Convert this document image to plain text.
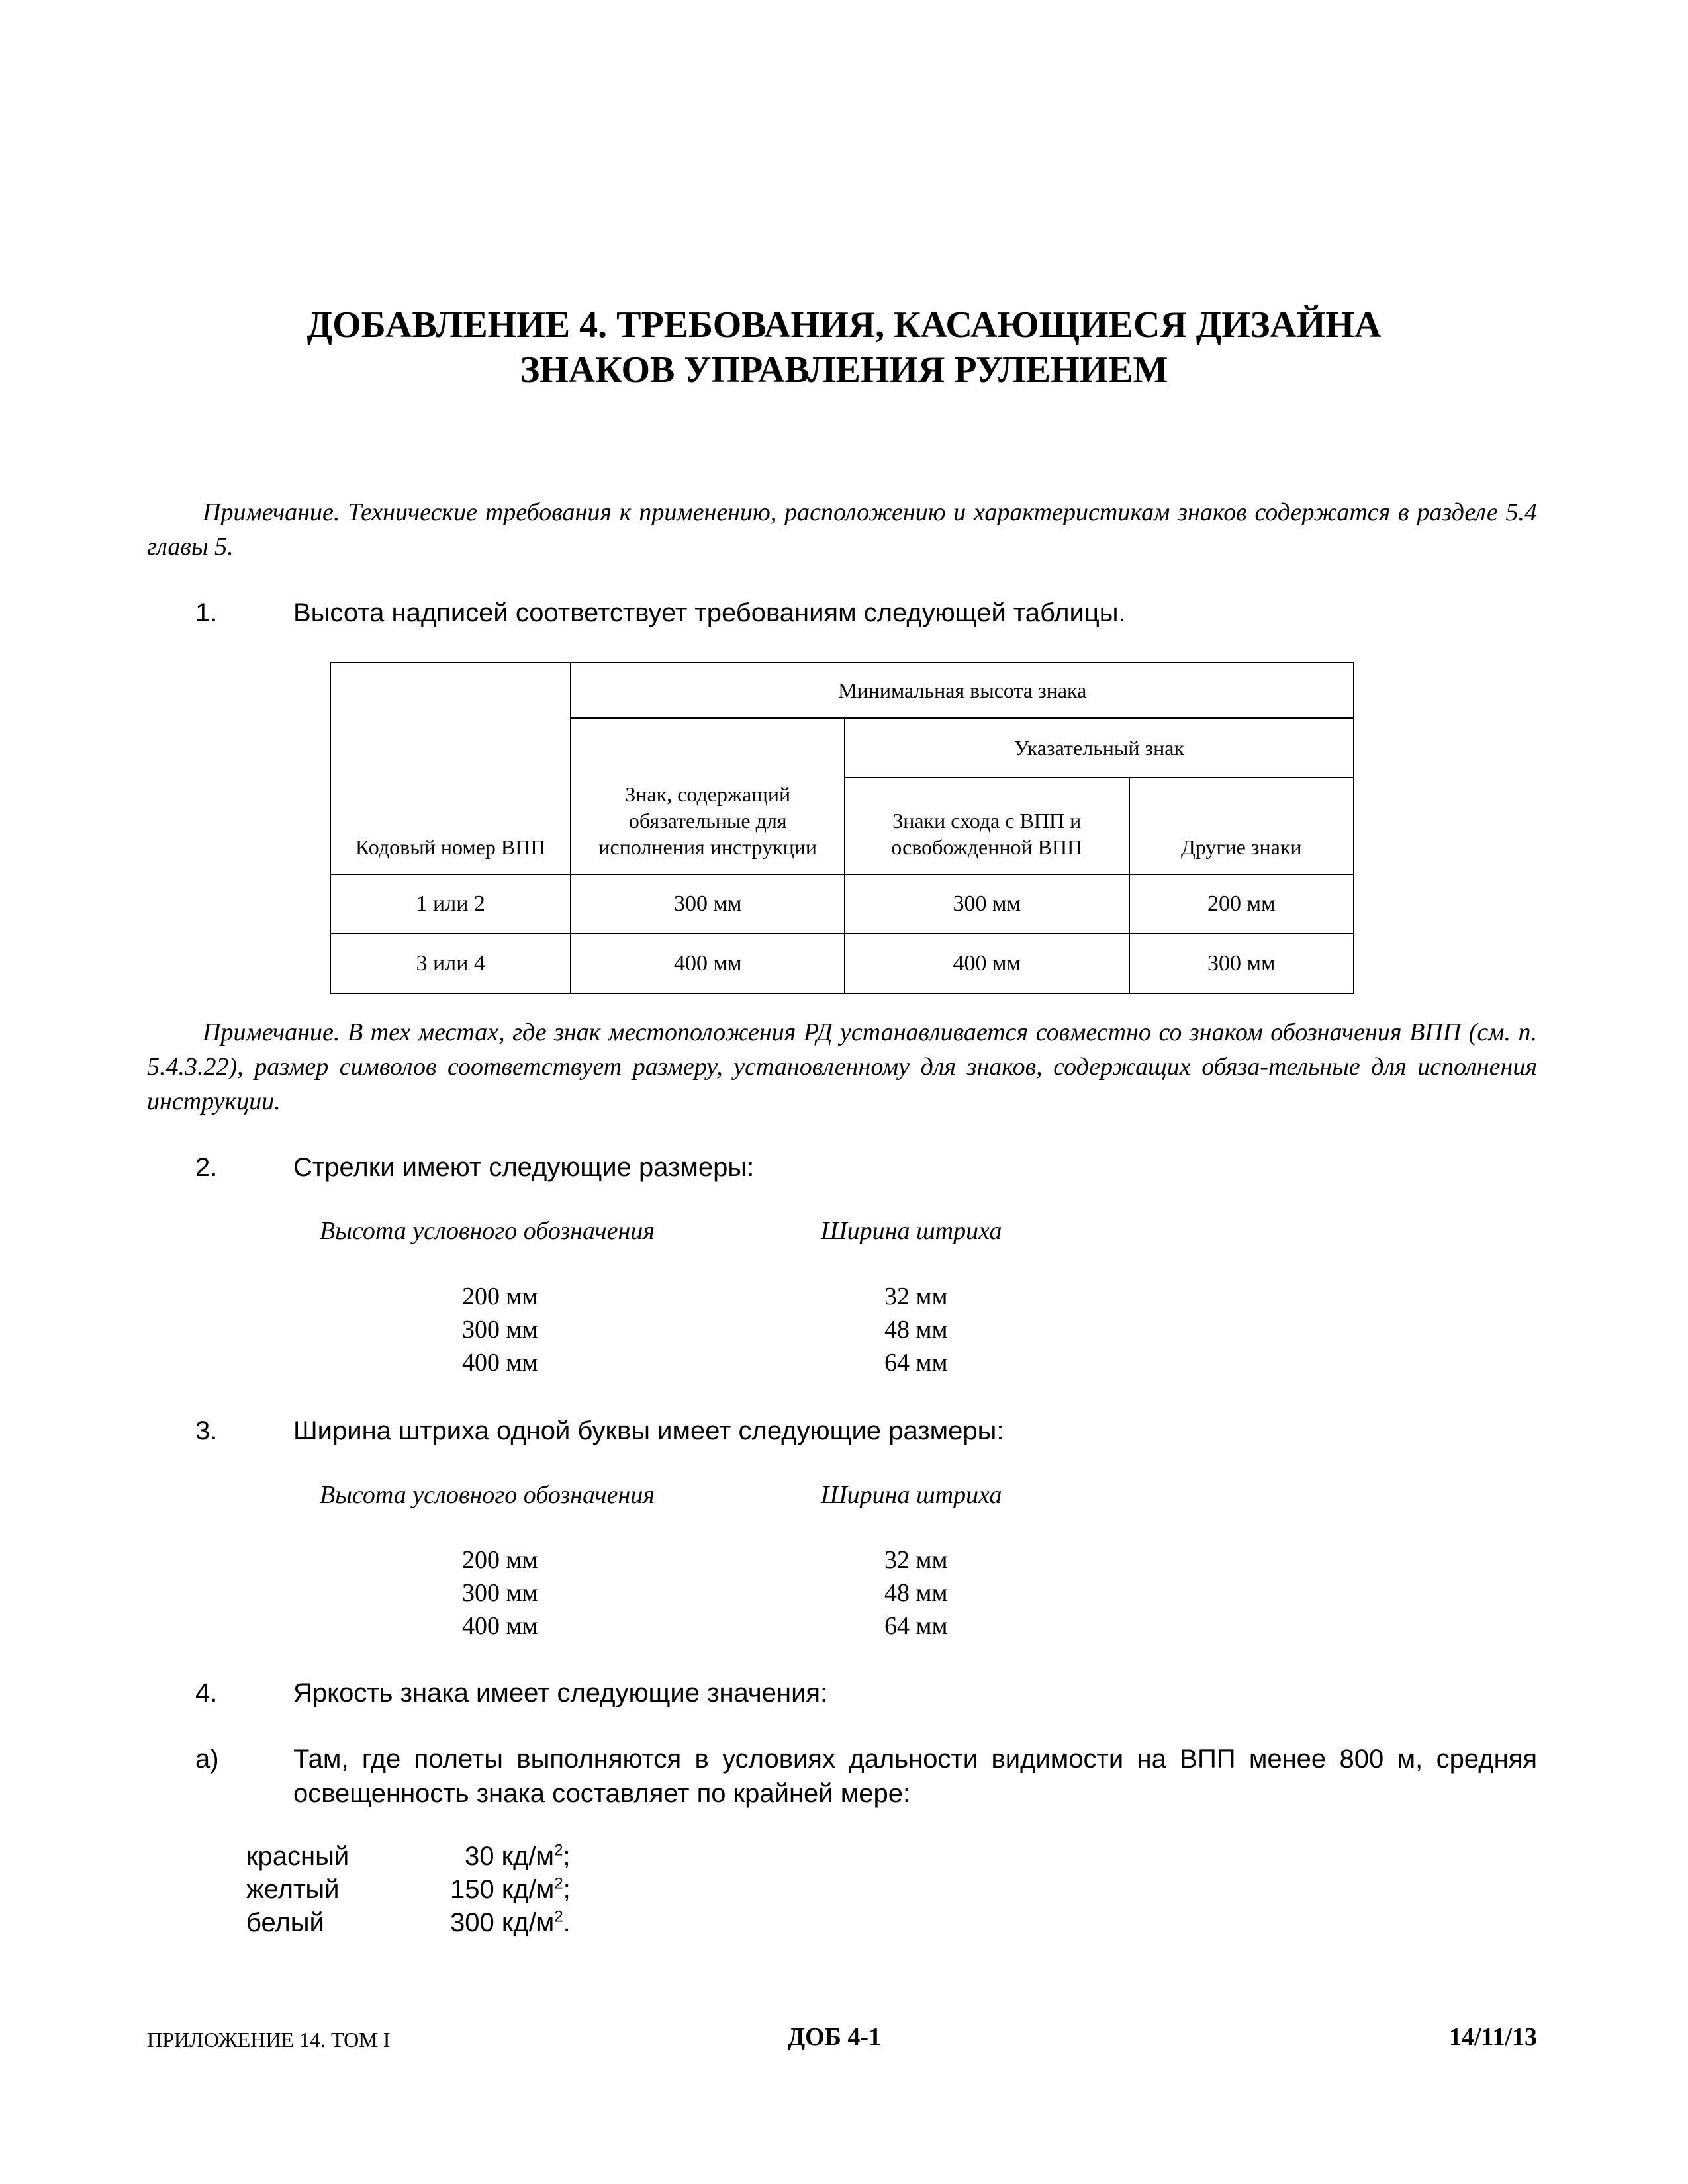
ДОБАВЛЕНИЕ 4. ТРЕБОВАНИЯ, КАСАЮЩИЕСЯ ДИЗАЙНА
ЗНАКОВ УПРАВЛЕНИЯ РУЛЕНИЕМ

Примечание. Технические требования к применению, расположению и характеристикам знаков содержатся в разделе 5.4 главы 5.

1.	Высота надписей соответствует требованиям следующей таблицы.
Кодовый номер ВПП	Минимальная высота знака		
	Знак, содержащий обязательные для исполнения инструкции	Указательный знак	
		Знаки схода с ВПП и освобожденной ВПП	Другие знаки
1 или 2	300 мм	300 мм	200 мм
3 или 4	400 мм	400 мм	300 мм

Примечание. В тех местах, где знак местоположения РД устанавливается совместно со знаком обозначения ВПП (см. п. 5.4.3.22), размер символов соответствует размеру, установленному для знаков, содержащих обяза-тельные для исполнения инструкции.

2.	Стрелки имеют следующие размеры:
Высота условного обозначения	Ширина штриха
200 мм	32 мм
300 мм	48 мм
400 мм	64 мм
3.	Ширина штриха одной буквы имеет следующие размеры:
Высота условного обозначения	Ширина штриха
200 мм	32 мм
300 мм	48 мм
400 мм	64 мм
4.	Яркость знака имеет следующие значения:
a)	Там, где полеты выполняются в условиях дальности видимости на ВПП менее 800 м, средняя освещенность знака составляет по крайней мере:
красный	30 $кд/м^2$;
желтый	150 $кд/м^2$;
белый	300 $кд/м^2$.
ПРИЛОЖЕНИЕ 14. ТОМ I	ДОБ 4-1	14/11/13
